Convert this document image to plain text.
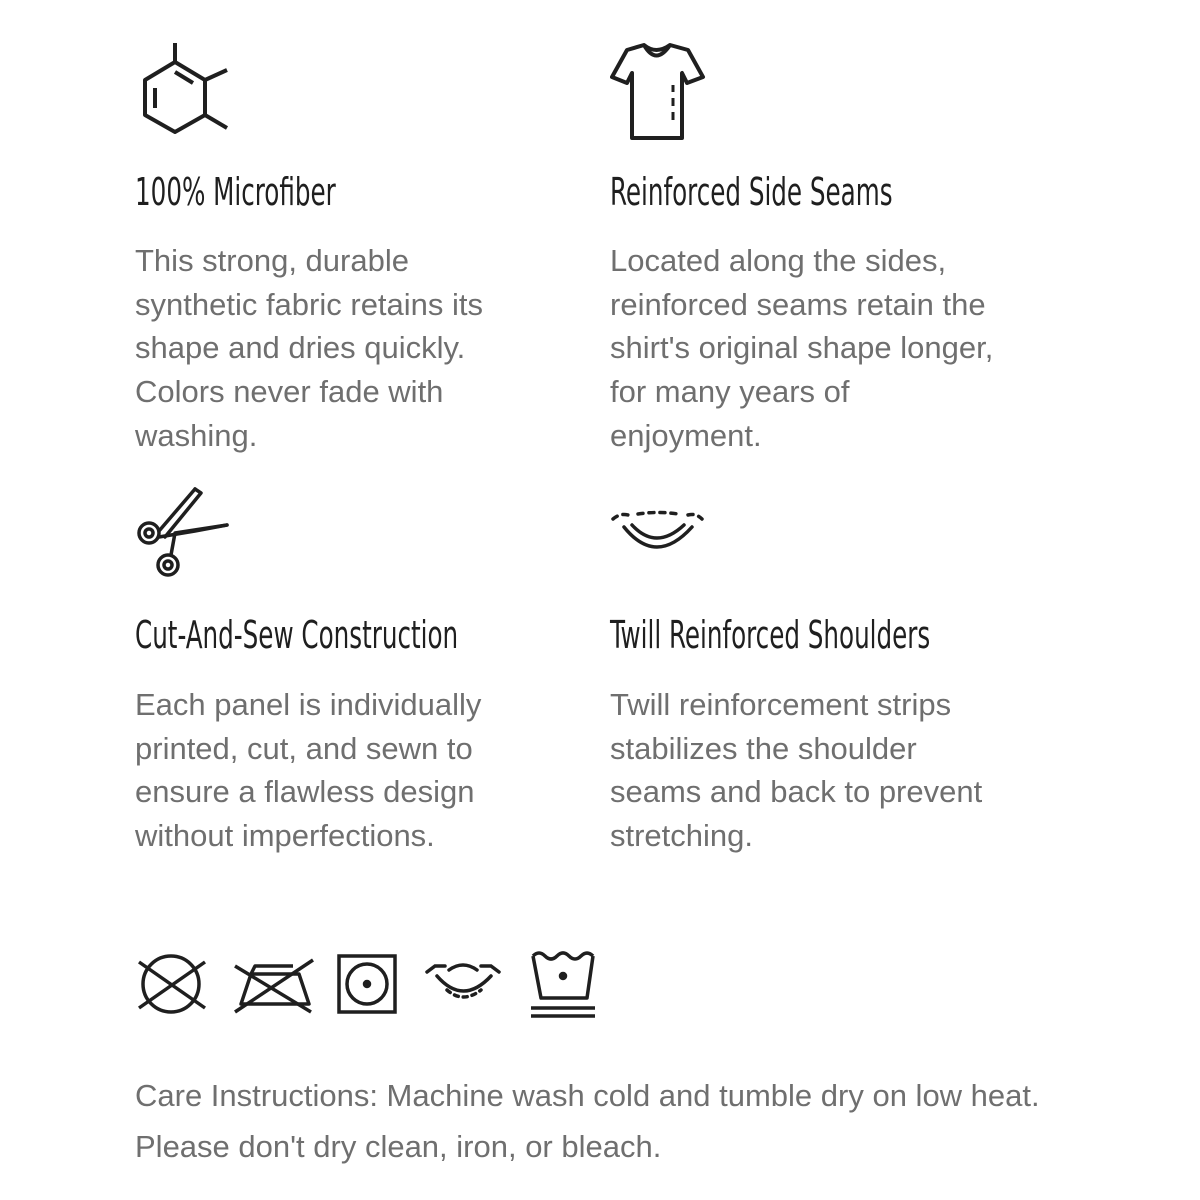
100% Microfiber

This strong, durable
synthetic fabric retains its
shape and dries quickly.
Colors never fade with
washing.

Reinforced Side Seams

Located along the sides,
reinforced seams retain the
shirt's original shape longer,
for many years of
enjoyment.

Cut-And-Sew Construction

Each panel is individually
printed, cut, and sewn to
ensure a flawless design
without imperfections.

Twill Reinforced Shoulders

Twill reinforcement strips
stabilizes the shoulder
seams and back to prevent
stretching.

Care Instructions: Machine wash cold and tumble dry on low heat. Please don't dry clean, iron, or bleach.
